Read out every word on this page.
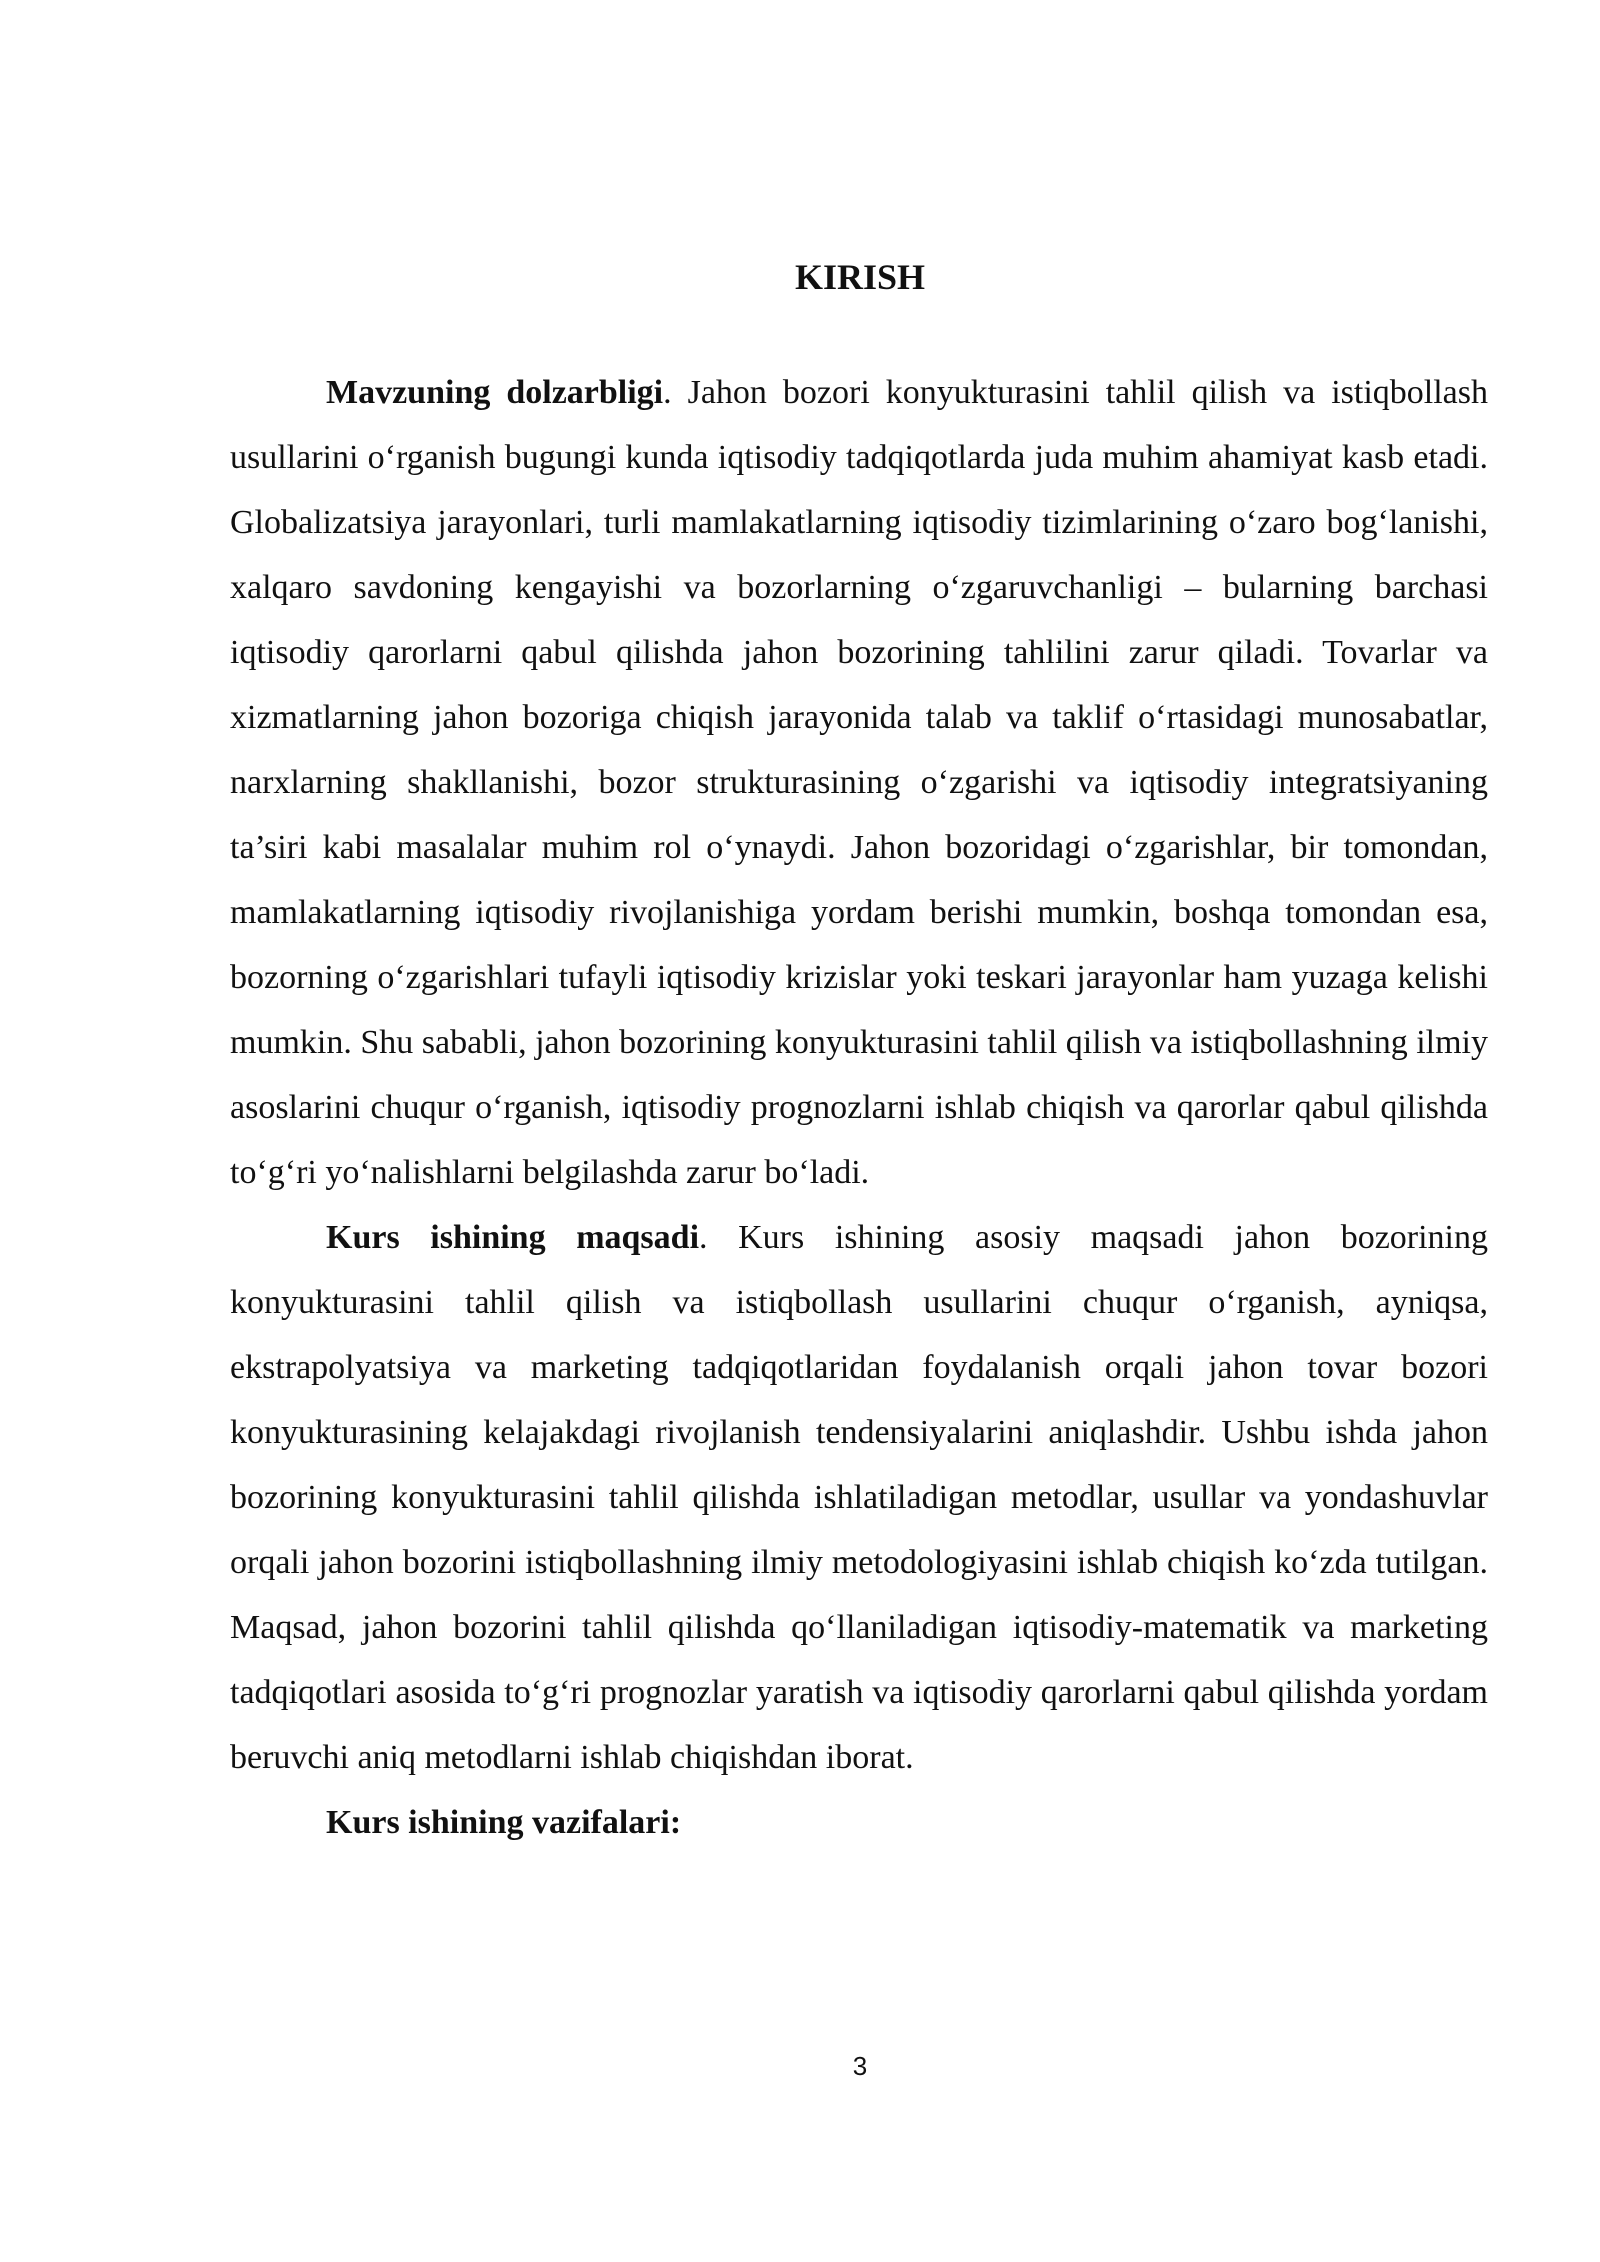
KIRISH

Mavzuning dolzarbligi. Jahon bozori konyukturasini tahlil qilish va istiqbollash usullarini o‘rganish bugungi kunda iqtisodiy tadqiqotlarda juda muhim ahamiyat kasb etadi. Globalizatsiya jarayonlari, turli mamlakatlarning iqtisodiy tizimlarining o‘zaro bog‘lanishi, xalqaro savdoning kengayishi va bozorlarning o‘zgaruvchanligi – bularning barchasi iqtisodiy qarorlarni qabul qilishda jahon bozorining tahlilini zarur qiladi. Tovarlar va xizmatlarning jahon bozoriga chiqish jarayonida talab va taklif o‘rtasidagi munosabatlar, narxlarning shakllanishi, bozor strukturasining o‘zgarishi va iqtisodiy integratsiyaning ta’siri kabi masalalar muhim rol o‘ynaydi. Jahon bozoridagi o‘zgarishlar, bir tomondan, mamlakatlarning iqtisodiy rivojlanishiga yordam berishi mumkin, boshqa tomondan esa, bozorning o‘zgarishlari tufayli iqtisodiy krizislar yoki teskari jarayonlar ham yuzaga kelishi mumkin. Shu sababli, jahon bozorining konyukturasini tahlil qilish va istiqbollashning ilmiy asoslarini chuqur o‘rganish, iqtisodiy prognozlarni ishlab chiqish va qarorlar qabul qilishda to‘g‘ri yo‘nalishlarni belgilashda zarur bo‘ladi.

Kurs ishining maqsadi. Kurs ishining asosiy maqsadi jahon bozorining konyukturasini tahlil qilish va istiqbollash usullarini chuqur o‘rganish, ayniqsa, ekstrapolyatsiya va marketing tadqiqotlaridan foydalanish orqali jahon tovar bozori konyukturasining kelajakdagi rivojlanish tendensiyalarini aniqlashdir. Ushbu ishda jahon bozorining konyukturasini tahlil qilishda ishlatiladigan metodlar, usullar va yondashuvlar orqali jahon bozorini istiqbollashning ilmiy metodologiyasini ishlab chiqish ko‘zda tutilgan. Maqsad, jahon bozorini tahlil qilishda qo‘llaniladigan iqtisodiy-matematik va marketing tadqiqotlari asosida to‘g‘ri prognozlar yaratish va iqtisodiy qarorlarni qabul qilishda yordam beruvchi aniq metodlarni ishlab chiqishdan iborat.

Kurs ishining vazifalari:

3
